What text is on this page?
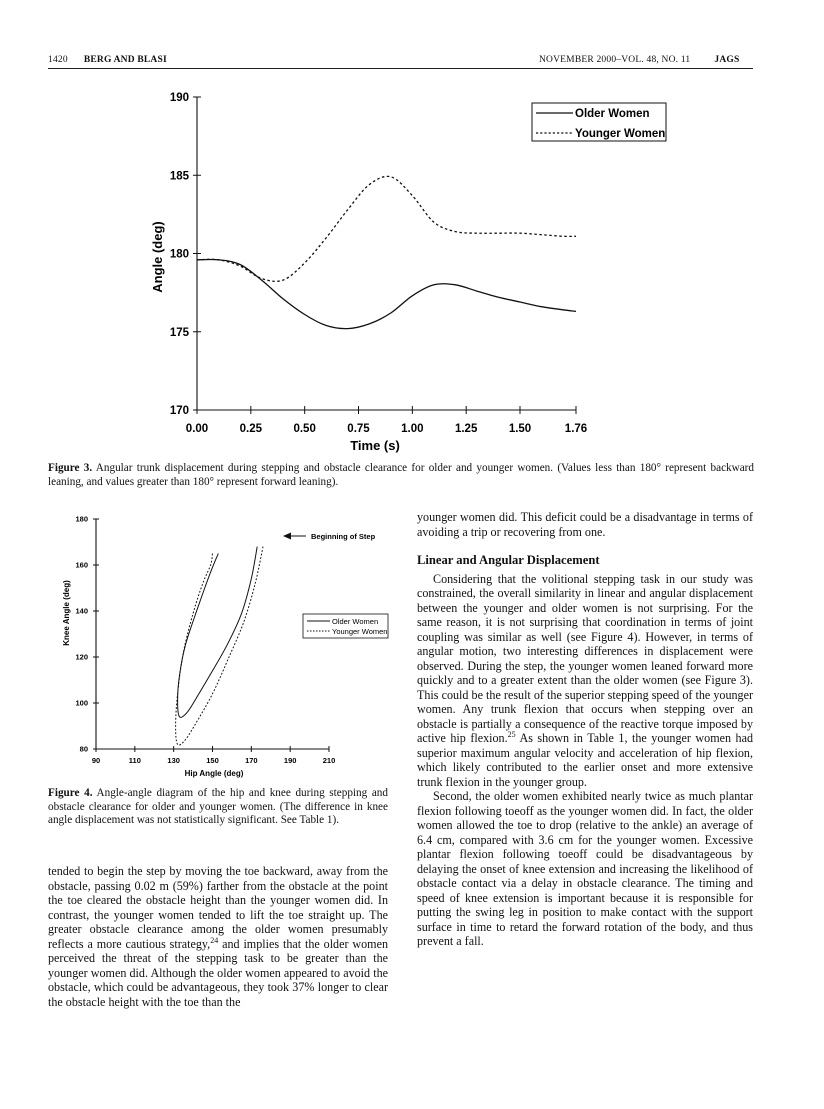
1420 BERG AND BLASI	NOVEMBER 2000–VOL. 48, NO. 11	JAGS
0.00	0.25	0.50	0.75	1.00	1.25	1.50	1.76
170
175
180
185
190
Older Women
Younger Women
Angle (deg)
Time (s)
Figure 3. Angular trunk displacement during stepping and obstacle clearance for older and younger women. (Values less than 180° represent backward leaning, and values greater than 180° represent forward leaning).
90	110	130	150	170	190	210
80
100
120
140
160
180
Older Women
Younger Women
Beginning of Step
Knee Angle (deg)
Hip Angle (deg)
Figure 4. Angle-angle diagram of the hip and knee during stepping and obstacle clearance for older and younger women. (The difference in knee angle displacement was not statistically significant. See Table 1).

tended to begin the step by moving the toe backward, away from the obstacle, passing 0.02 m (59%) farther from the obstacle at the point the toe cleared the obstacle height than the younger women did. In contrast, the younger women tended to lift the toe straight up. The greater obstacle clearance among the older women presumably reflects a more cautious strategy,$^{24}$ and implies that the older women perceived the threat of the stepping task to be greater than the younger women did. Although the older women appeared to avoid the obstacle, which could be advantageous, they took 37% longer to clear the obstacle height with the toe than the

younger women did. This deficit could be a disadvantage in terms of avoiding a trip or recovering from one.

Linear and Angular Displacement

Considering that the volitional stepping task in our study was constrained, the overall similarity in linear and angular displacement between the younger and older women is not surprising. For the same reason, it is not surprising that coordination in terms of joint coupling was similar as well (see Figure 4). However, in terms of angular motion, two interesting differences in displacement were observed. During the step, the younger women leaned forward more quickly and to a greater extent than the older women (see Figure 3). This could be the result of the superior stepping speed of the younger women. Any trunk flexion that occurs when stepping over an obstacle is partially a consequence of the reactive torque imposed by active hip flexion.$^{25}$ As shown in Table 1, the younger women had superior maximum angular velocity and acceleration of hip flexion, which likely contributed to the earlier onset and more extensive trunk flexion in the younger group.

Second, the older women exhibited nearly twice as much plantar flexion following toeoff as the younger women did. In fact, the older women allowed the toe to drop (relative to the ankle) an average of 6.4 cm, compared with 3.6 cm for the younger women. Excessive plantar flexion following toeoff could be disadvantageous by delaying the onset of knee extension and increasing the likelihood of obstacle contact via a delay in obstacle clearance. The timing and speed of knee extension is important because it is responsible for putting the swing leg in position to make contact with the support surface in time to retard the forward rotation of the body, and thus prevent a fall.
